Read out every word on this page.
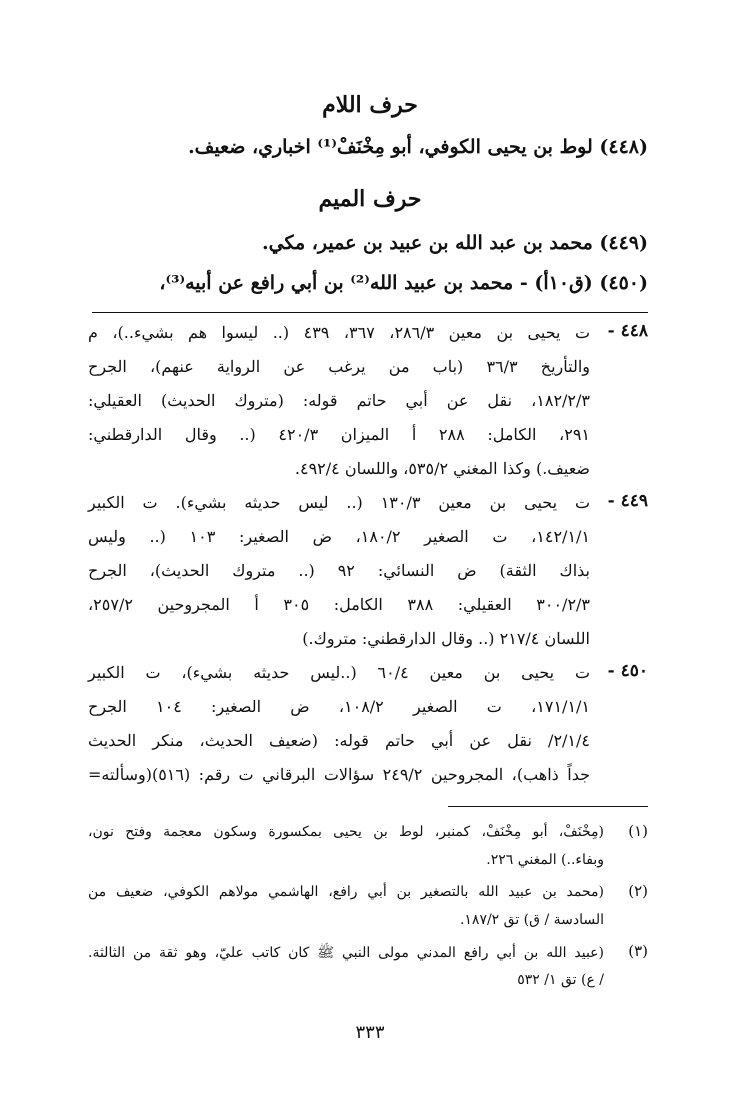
حرف اللام
(٤٤٨) لوط بن يحيى الكوفي، أبو مِخْنَفْ⁽¹⁾ اخباري، ضعيف.
حرف الميم
(٤٤٩) محمد بن عبد الله بن عبيد بن عمير، مكي.
(٤٥٠) (ق١٠أ) - محمد بن عبيد الله⁽²⁾ بن أبي رافع عن أبيه⁽³⁾،
٤٤٨ -
ت يحيى بن معين ٢٨٦/٣، ٣٦٧، ٤٣٩ (.. ليسوا هم بشيء..)، م
والتأريخ ٣٦/٣ (باب من يرغب عن الرواية عنهم)، الجرح
١٨٢/٢/٣، نقل عن أبي حاتم قوله: (متروك الحديث) العقيلي:
٢٩١، الكامل: ٢٨٨ أ الميزان ٤٢٠/٣ (.. وقال الدارقطني:
ضعيف.) وكذا المغني ٥٣٥/٢، واللسان ٤٩٢/٤.
٤٤٩ -
ت يحيى بن معين ١٣٠/٣ (.. ليس حديثه بشيء). ت الكبير
١٤٢/١/١، ت الصغير ١٨٠/٢، ض الصغير: ١٠٣ (.. وليس
بذاك الثقة) ض النسائي: ٩٢ (.. متروك الحديث)، الجرح
٣٠٠/٢/٣ العقيلي: ٣٨٨ الكامل: ٣٠٥ أ المجروحين ٢٥٧/٢،
اللسان ٢١٧/٤ (.. وقال الدارقطني: متروك.)
٤٥٠ -
ت يحيى بن معين ٦٠/٤ (..ليس حديثه بشيء)، ت الكبير
١٧١/١/١، ت الصغير ١٠٨/٢، ض الصغير: ١٠٤ الجرح
٢/١/٤/ نقل عن أبي حاتم قوله: (ضعيف الحديث، منكر الحديث
جداً ذاهب)، المجروحين ٢٤٩/٢ سؤالات البرقاني ت رقم: (٥١٦)(وسألته=
(١)
(مِخْنَفْ، أبو مِخْنَفْ، كمنبر، لوط بن يحيى بمكسورة وسكون معجمة وفتح نون،
وبفاء..) المغني ٢٢٦.
(٢)
(محمد بن عبيد الله بالتصغير بن أبي رافع، الهاشمي مولاهم الكوفي، ضعيف من
السادسة / ق) تق ١٨٧/٢.
(٣)
(عبيد الله بن أبي رافع المدني مولى النبي ﷺ كان كاتب عليّ، وهو ثقة من الثالثة.
/ ع) تق ١/ ٥٣٢
٣٣٣
